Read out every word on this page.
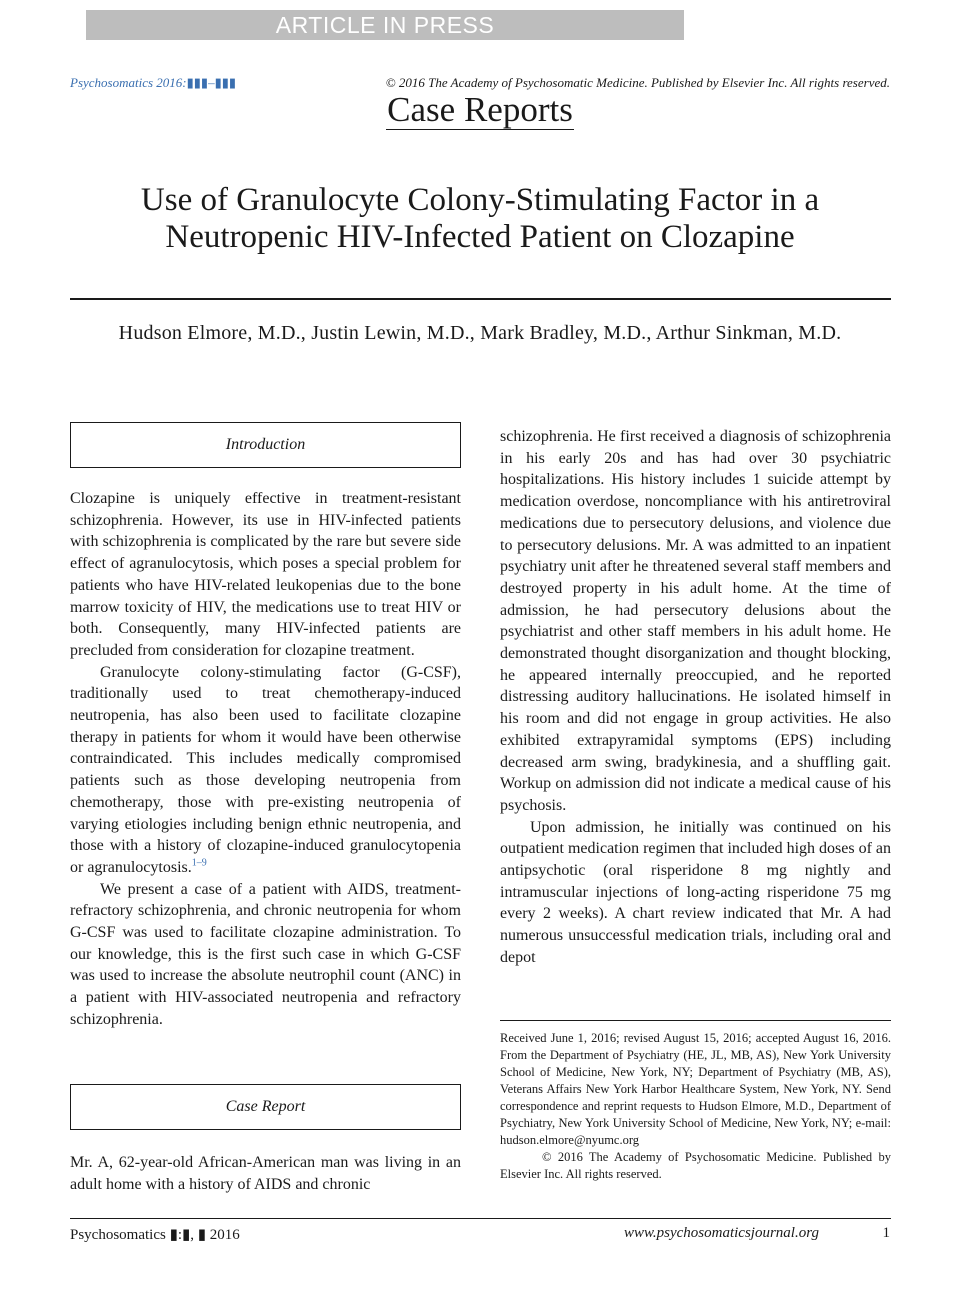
ARTICLE IN PRESS
Psychosomatics 2016:▮▮▮–▮▮▮	© 2016 The Academy of Psychosomatic Medicine. Published by Elsevier Inc. All rights reserved.
Case Reports
Use of Granulocyte Colony-Stimulating Factor in a
Neutropenic HIV-Infected Patient on Clozapine
Hudson Elmore, M.D., Justin Lewin, M.D., Mark Bradley, M.D., Arthur Sinkman, M.D.
Introduction

Clozapine is uniquely effective in treatment-resistant schizophrenia. However, its use in HIV-infected patients with schizophrenia is complicated by the rare but severe side effect of agranulocytosis, which poses a special problem for patients who have HIV-related leukopenias due to the bone marrow toxicity of HIV, the medications use to treat HIV or both. Consequently, many HIV-infected patients are precluded from consideration for clozapine treatment.

Granulocyte colony-stimulating factor (G-CSF), traditionally used to treat chemotherapy-induced neutropenia, has also been used to facilitate clozapine therapy in patients for whom it would have been otherwise contraindicated. This includes medically compromised patients such as those developing neutropenia from chemotherapy, those with pre-existing neutropenia of varying etiologies including benign ethnic neutropenia, and those with a history of clozapine-induced granulocytopenia or agranulocytosis.$^{1-9}$

We present a case of a patient with AIDS, treatment-refractory schizophrenia, and chronic neutropenia for whom G-CSF was used to facilitate clozapine administration. To our knowledge, this is the first such case in which G-CSF was used to increase the absolute neutrophil count (ANC) in a patient with HIV-associated neutropenia and refractory schizophrenia.

Case Report

Mr. A, 62-year-old African-American man was living in an adult home with a history of AIDS and chronic

schizophrenia. He first received a diagnosis of schizophrenia in his early 20s and has had over 30 psychiatric hospitalizations. His history includes 1 suicide attempt by medication overdose, noncompliance with his antiretroviral medications due to persecutory delusions, and violence due to persecutory delusions. Mr. A was admitted to an inpatient psychiatry unit after he threatened several staff members and destroyed property in his adult home. At the time of admission, he had persecutory delusions about the psychiatrist and other staff members in his adult home. He demonstrated thought disorganization and thought blocking, he appeared internally preoccupied, and he reported distressing auditory hallucinations. He isolated himself in his room and did not engage in group activities. He also exhibited extrapyramidal symptoms (EPS) including decreased arm swing, bradykinesia, and a shuffling gait. Workup on admission did not indicate a medical cause of his psychosis.

Upon admission, he initially was continued on his outpatient medication regimen that included high doses of an antipsychotic (oral risperidone 8 mg nightly and intramuscular injections of long-acting risperidone 75 mg every 2 weeks). A chart review indicated that Mr. A had numerous unsuccessful medication trials, including oral and depot

Received June 1, 2016; revised August 15, 2016; accepted August 16, 2016. From the Department of Psychiatry (HE, JL, MB, AS), New York University School of Medicine, New York, NY; Department of Psychiatry (MB, AS), Veterans Affairs New York Harbor Healthcare System, New York, NY. Send correspondence and reprint requests to Hudson Elmore, M.D., Department of Psychiatry, New York University School of Medicine, New York, NY; e-mail: hudson.elmore@nyumc.org

© 2016 The Academy of Psychosomatic Medicine. Published by Elsevier Inc. All rights reserved.

Psychosomatics ▮:▮, ▮ 2016	www.psychosomaticsjournal.org	1
